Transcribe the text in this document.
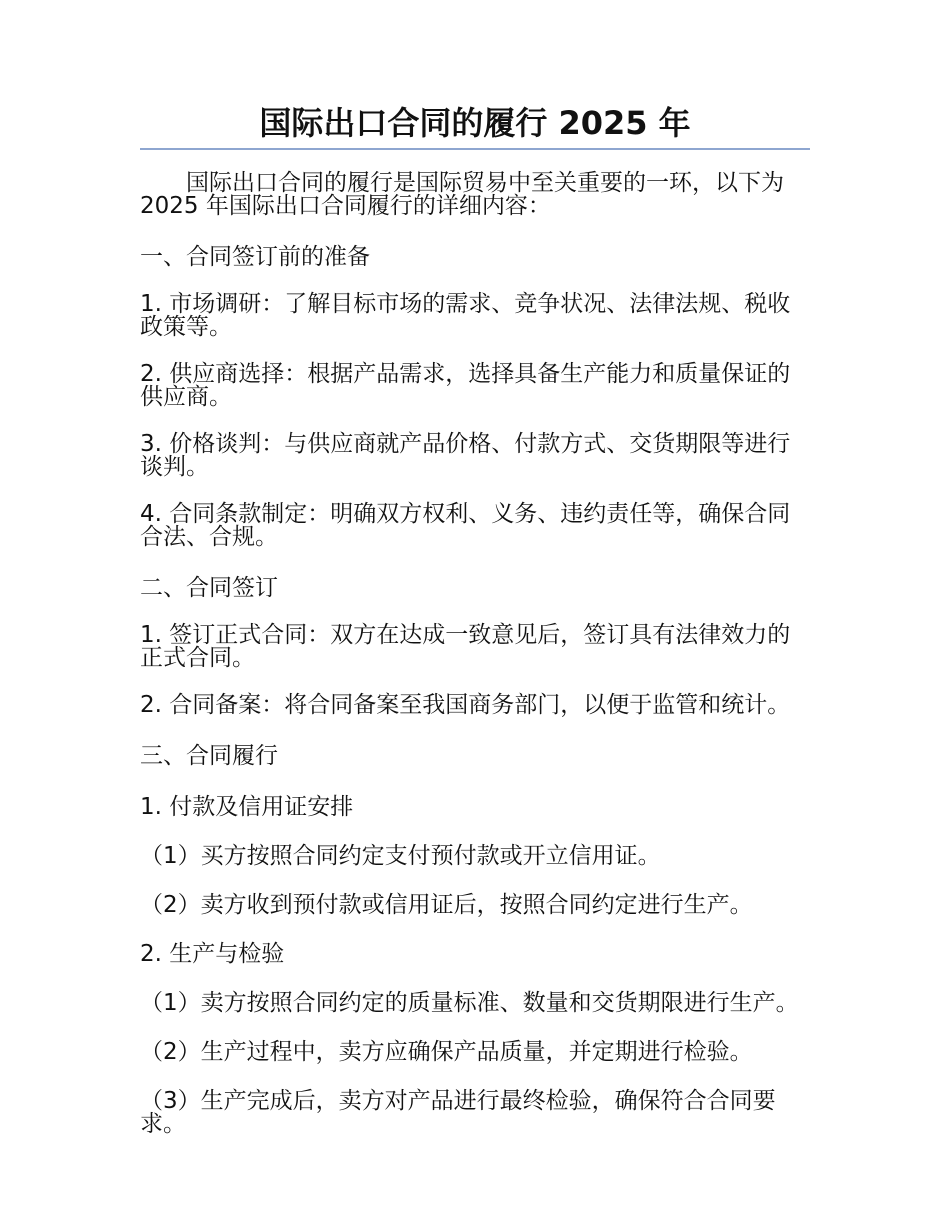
国际出口合同的履行 2025 年

国际出口合同的履行是国际贸易中至关重要的一环，以下为 2025 年国际出口合同履行的详细内容：

一、合同签订前的准备

1. 市场调研：了解目标市场的需求、竞争状况、法律法规、税收政策等。

2. 供应商选择：根据产品需求，选择具备生产能力和质量保证的供应商。

3. 价格谈判：与供应商就产品价格、付款方式、交货期限等进行谈判。

4. 合同条款制定：明确双方权利、义务、违约责任等，确保合同合法、合规。

二、合同签订

1. 签订正式合同：双方在达成一致意见后，签订具有法律效力的正式合同。

2. 合同备案：将合同备案至我国商务部门，以便于监管和统计。

三、合同履行

1. 付款及信用证安排

（1）买方按照合同约定支付预付款或开立信用证。

（2）卖方收到预付款或信用证后，按照合同约定进行生产。

2. 生产与检验

（1）卖方按照合同约定的质量标准、数量和交货期限进行生产。

（2）生产过程中，卖方应确保产品质量，并定期进行检验。

（3）生产完成后，卖方对产品进行最终检验，确保符合合同要求。
